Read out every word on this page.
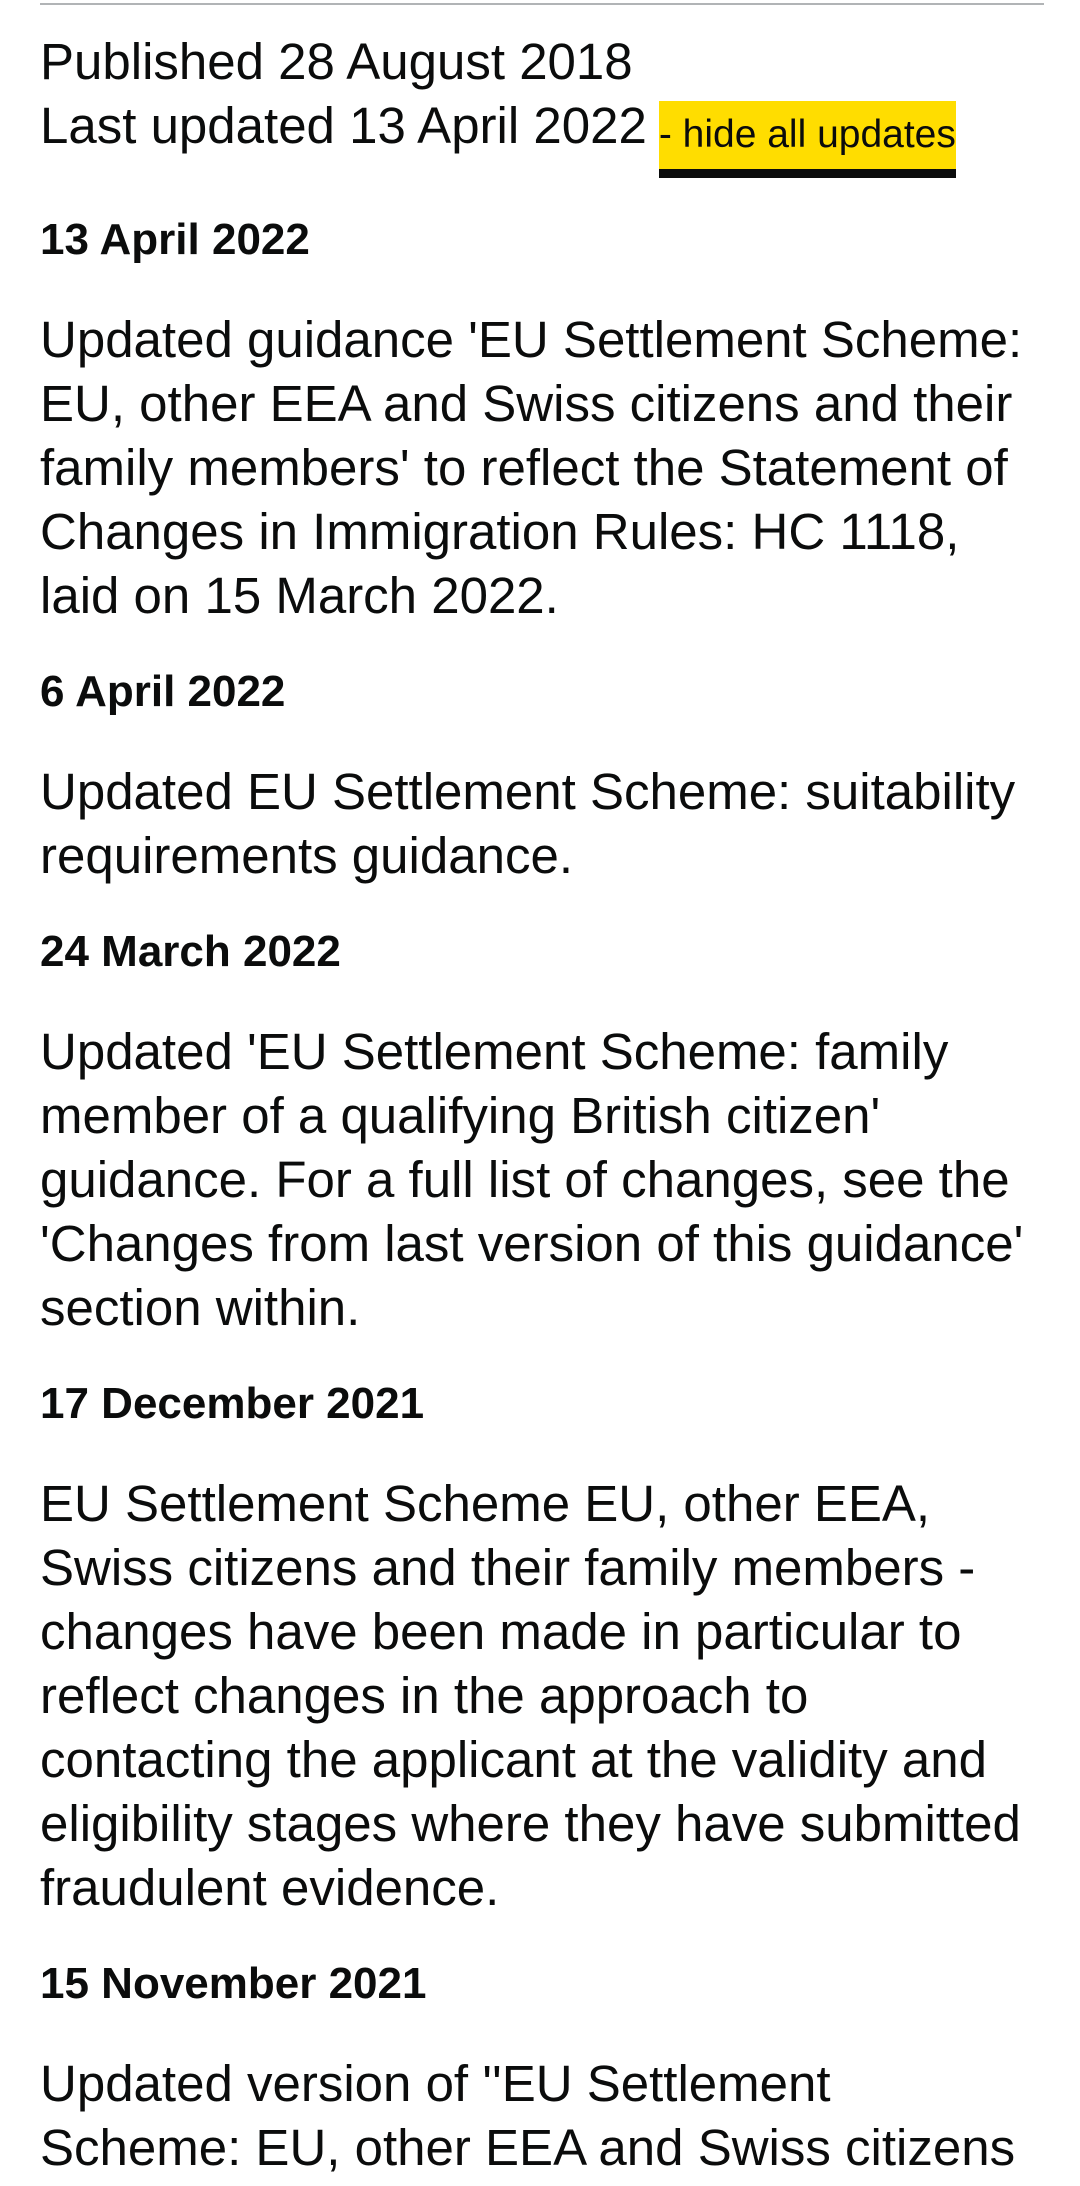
Published 28 August 2018
Last updated 13 April 2022 - hide all updates
13 April 2022
Updated guidance 'EU Settlement Scheme: EU, other EEA and Swiss citizens and their family members' to reflect the Statement of Changes in Immigration Rules: HC 1118, laid on 15 March 2022.
6 April 2022
Updated EU Settlement Scheme: suitability requirements guidance.
24 March 2022
Updated 'EU Settlement Scheme: family member of a qualifying British citizen' guidance. For a full list of changes, see the 'Changes from last version of this guidance' section within.
17 December 2021
EU Settlement Scheme EU, other EEA, Swiss citizens and their family members - changes have been made in particular to reflect changes in the approach to contacting the applicant at the validity and eligibility stages where they have submitted fraudulent evidence.
15 November 2021
Updated version of ''EU Settlement Scheme: EU, other EEA and Swiss citizens
